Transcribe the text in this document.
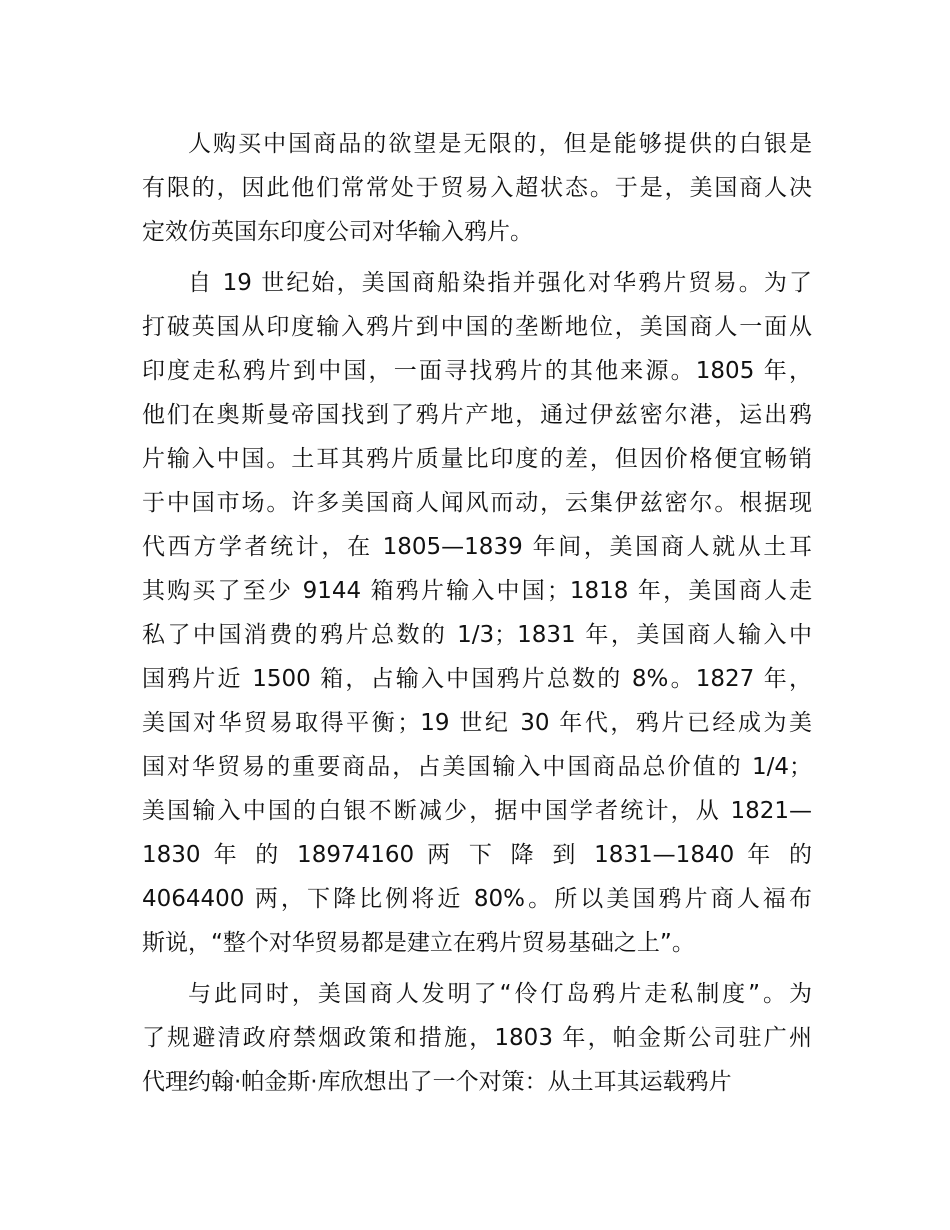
人购买中国商品的欲望是无限的，但是能够提供的白银是
有限的，因此他们常常处于贸易入超状态。于是，美国商人决
定效仿英国东印度公司对华输入鸦片。
自 19 世纪始，美国商船染指并强化对华鸦片贸易。为了
打破英国从印度输入鸦片到中国的垄断地位，美国商人一面从
印度走私鸦片到中国，一面寻找鸦片的其他来源。1805 年，
他们在奥斯曼帝国找到了鸦片产地，通过伊兹密尔港，运出鸦
片输入中国。土耳其鸦片质量比印度的差，但因价格便宜畅销
于中国市场。许多美国商人闻风而动，云集伊兹密尔。根据现
代西方学者统计，在 1805—1839 年间，美国商人就从土耳
其购买了至少 9144 箱鸦片输入中国；1818 年，美国商人走
私了中国消费的鸦片总数的 1/3；1831 年，美国商人输入中
国鸦片近 1500 箱，占输入中国鸦片总数的 8%。1827 年，
美国对华贸易取得平衡；19 世纪 30 年代，鸦片已经成为美
国对华贸易的重要商品，占美国输入中国商品总价值的 1/4；
美国输入中国的白银不断减少，据中国学者统计，从 1821—
1830 年 的 18974160 两 下 降 到 1831—1840 年 的
4064400 两，下降比例将近 80%。所以美国鸦片商人福布
斯说，“整个对华贸易都是建立在鸦片贸易基础之上”。
与此同时，美国商人发明了“伶仃岛鸦片走私制度”。为
了规避清政府禁烟政策和措施，1803 年，帕金斯公司驻广州
代理约翰·帕金斯·库欣想出了一个对策：从土耳其运载鸦片
